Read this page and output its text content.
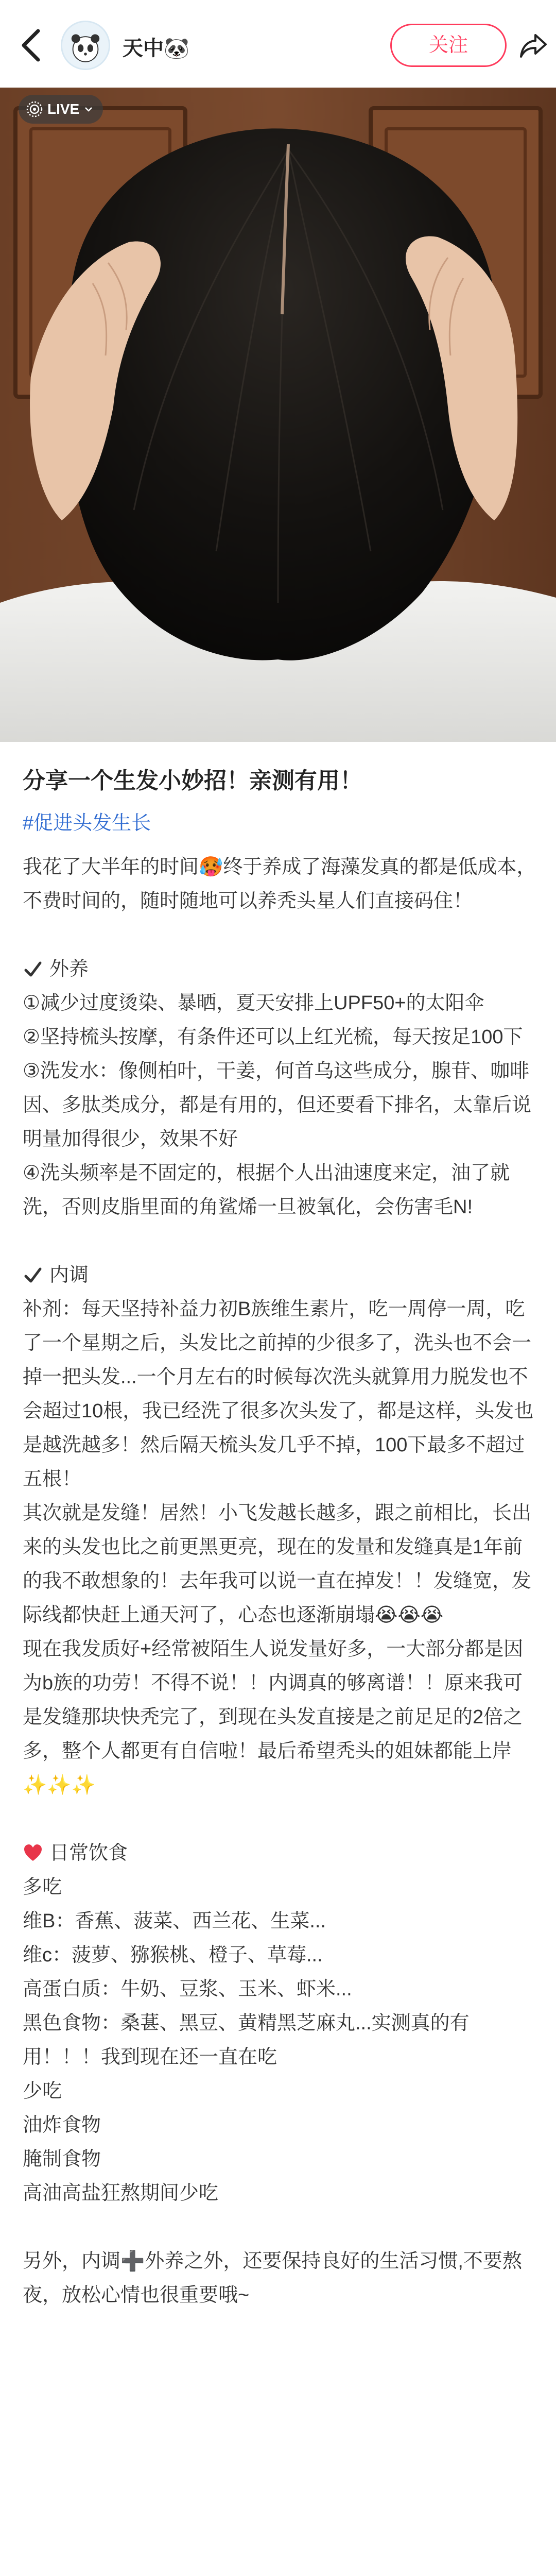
天中🐼	关注
LIVE
分享一个生发小妙招！亲测有用！
#促进头发生长
我花了大半年的时间🥵终于养成了海藻发真的都是低成本，不费时间的，随时随地可以养秃头星人们直接码住！
外养
①减少过度烫染、暴晒，夏天安排上UPF50+的太阳伞
②坚持梳头按摩，有条件还可以上红光梳，每天按足100下
③洗发水：像侧柏叶，干姜，何首乌这些成分，腺苷、咖啡因、多肽类成分，都是有用的，但还要看下排名，太靠后说明量加得很少，效果不好
④洗头频率是不固定的，根据个人出油速度来定，油了就洗，否则皮脂里面的角鲨烯一旦被氧化，会伤害毛N!
内调
补剂：每天坚持补益力初B族维生素片，吃一周停一周，吃了一个星期之后，头发比之前掉的少很多了，洗头也不会一掉一把头发...一个月左右的时候每次洗头就算用力脱发也不会超过10根，我已经洗了很多次头发了，都是这样，头发也是越洗越多！然后隔天梳头发几乎不掉，100下最多不超过五根！
其次就是发缝！居然！小飞发越长越多，跟之前相比，长出来的头发也比之前更黑更亮，现在的发量和发缝真是1年前的我不敢想象的！去年我可以说一直在掉发！！发缝宽，发际线都快赶上通天河了，心态也逐渐崩塌😭😭😭
现在我发质好+经常被陌生人说发量好多，一大部分都是因为b族的功劳！不得不说！！内调真的够离谱！！原来我可是发缝那块快秃完了，到现在头发直接是之前足足的2倍之多，整个人都更有自信啦！最后希望秃头的姐妹都能上岸✨✨✨
日常饮食
多吃
维B：香蕉、菠菜、西兰花、生菜...
维c：菠萝、猕猴桃、橙子、草莓...
高蛋白质：牛奶、豆浆、玉米、虾米...
黑色食物：桑葚、黑豆、黄精黑芝麻丸...实测真的有用！！！我到现在还一直在吃
少吃
油炸食物
腌制食物
高油高盐狂熬期间少吃
另外，内调➕外养之外，还要保持良好的生活习惯,不要熬夜，放松心情也很重要哦~
